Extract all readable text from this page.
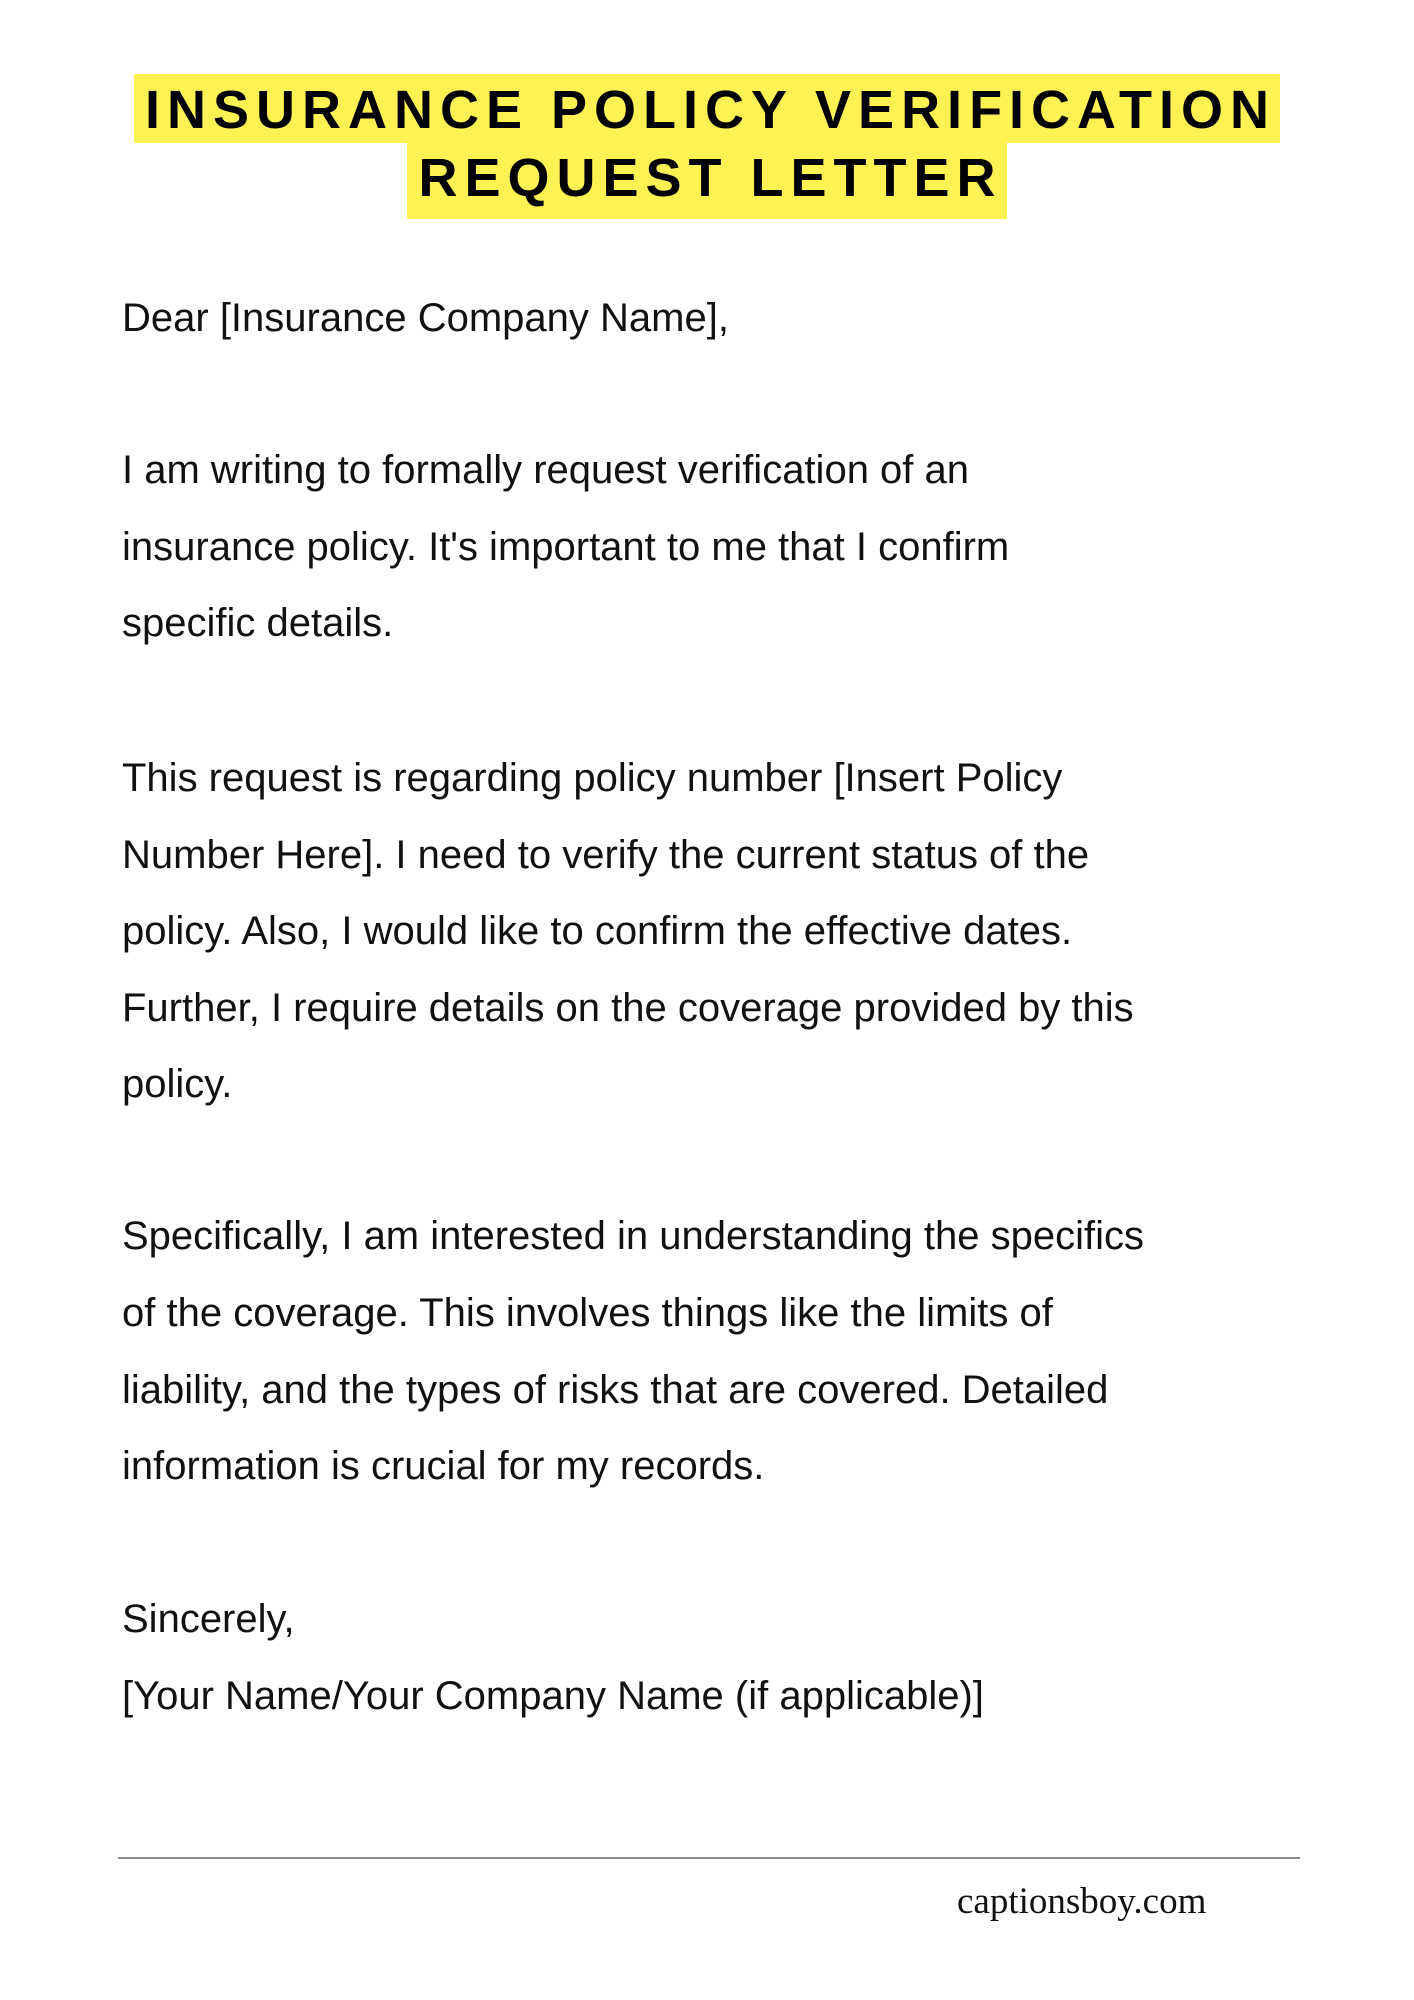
INSURANCE POLICY VERIFICATION
REQUEST LETTER
Dear [Insurance Company Name],
I am writing to formally request verification of an
insurance policy. It's important to me that I confirm
specific details.
This request is regarding policy number [Insert Policy
Number Here]. I need to verify the current status of the
policy. Also, I would like to confirm the effective dates.
Further, I require details on the coverage provided by this
policy.
Specifically, I am interested in understanding the specifics
of the coverage. This involves things like the limits of
liability, and the types of risks that are covered. Detailed
information is crucial for my records.
Sincerely,
[Your Name/Your Company Name (if applicable)]
captionsboy.com
